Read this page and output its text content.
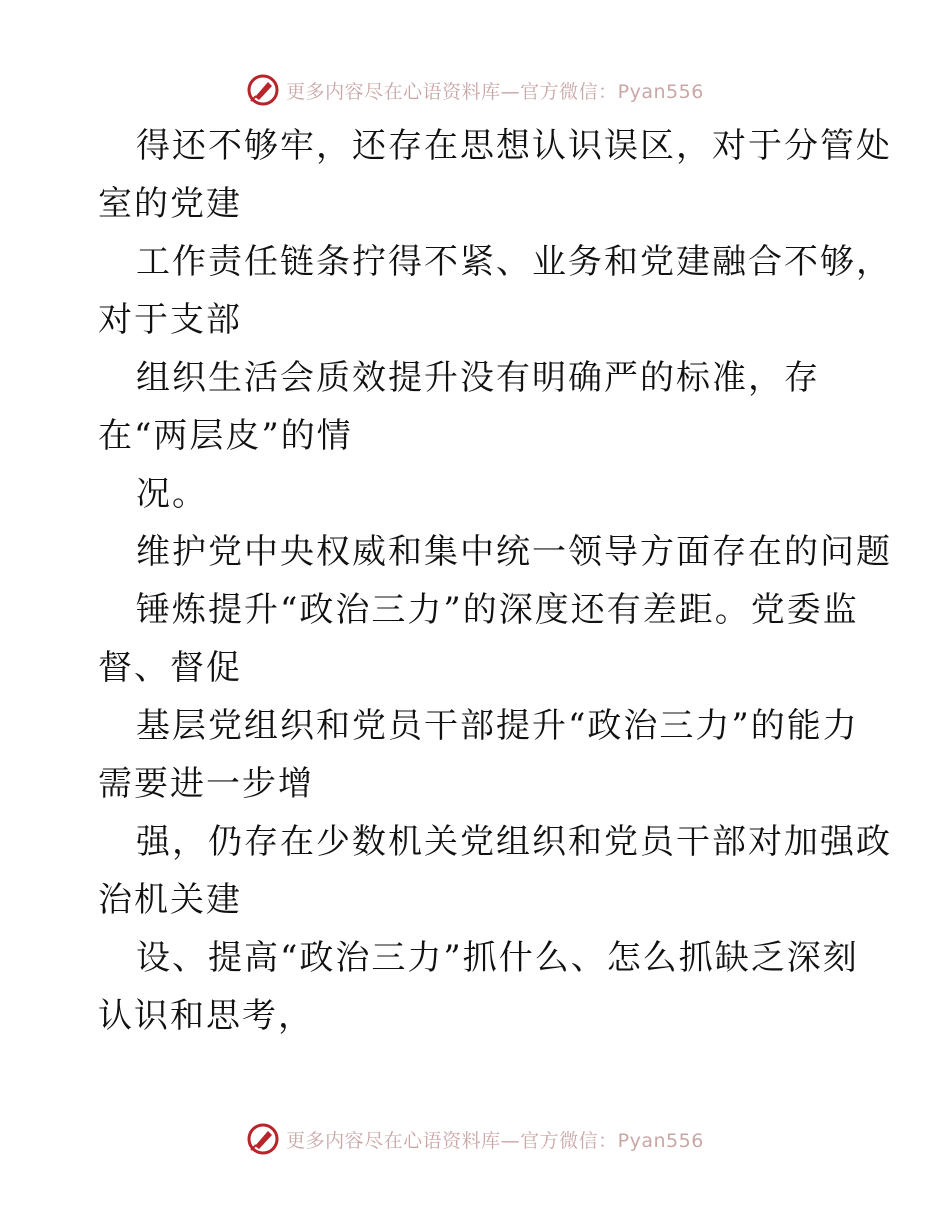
更多内容尽在心语资料库—官方微信：Pyan556
得还不够牢，还存在思想认识误区，对于分管处
室的党建
工作责任链条拧得不紧、业务和党建融合不够，
对于支部
组织生活会质效提升没有明确严的标准，存
在“两层皮”的情
况。
维护党中央权威和集中统一领导方面存在的问题
锤炼提升“政治三力”的深度还有差距。党委监
督、督促
基层党组织和党员干部提升“政治三力”的能力
需要进一步增
强，仍存在少数机关党组织和党员干部对加强政
治机关建
设、提高“政治三力”抓什么、怎么抓缺乏深刻
认识和思考，
更多内容尽在心语资料库—官方微信：Pyan556
